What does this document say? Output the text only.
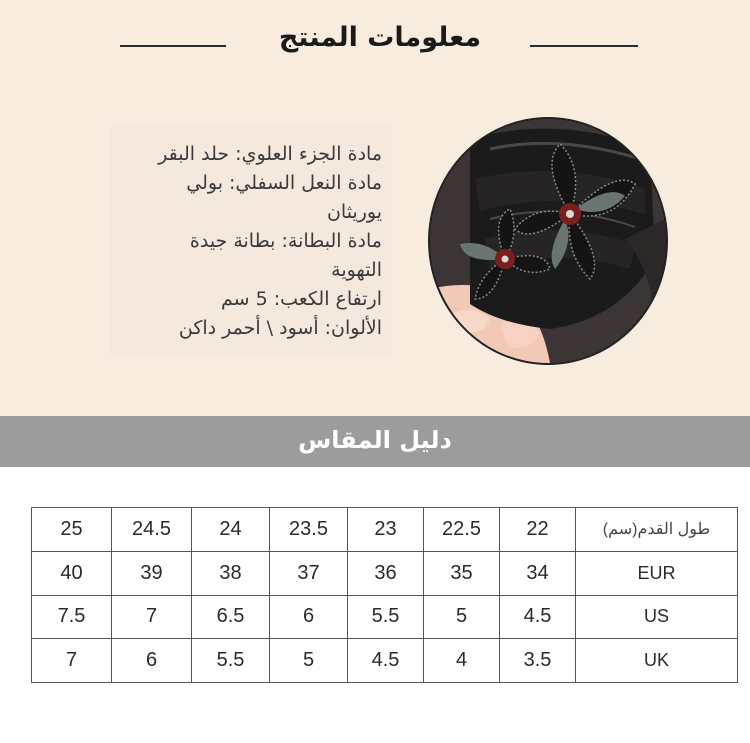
معلومات المنتج
مادة الجزء العلوي: حلد البقر
مادة النعل السفلي: بولي
يوريثان
مادة البطانة: بطانة جيدة
التهوية
ارتفاع الكعب: 5 سم
الألوان: أسود \ أحمر داكن
دليل المقاس
25	24.5	24	23.5	23	22.5	22	طول القدم(سم)
40	39	38	37	36	35	34	EUR
7.5	7	6.5	6	5.5	5	4.5	US
7	6	5.5	5	4.5	4	3.5	UK
